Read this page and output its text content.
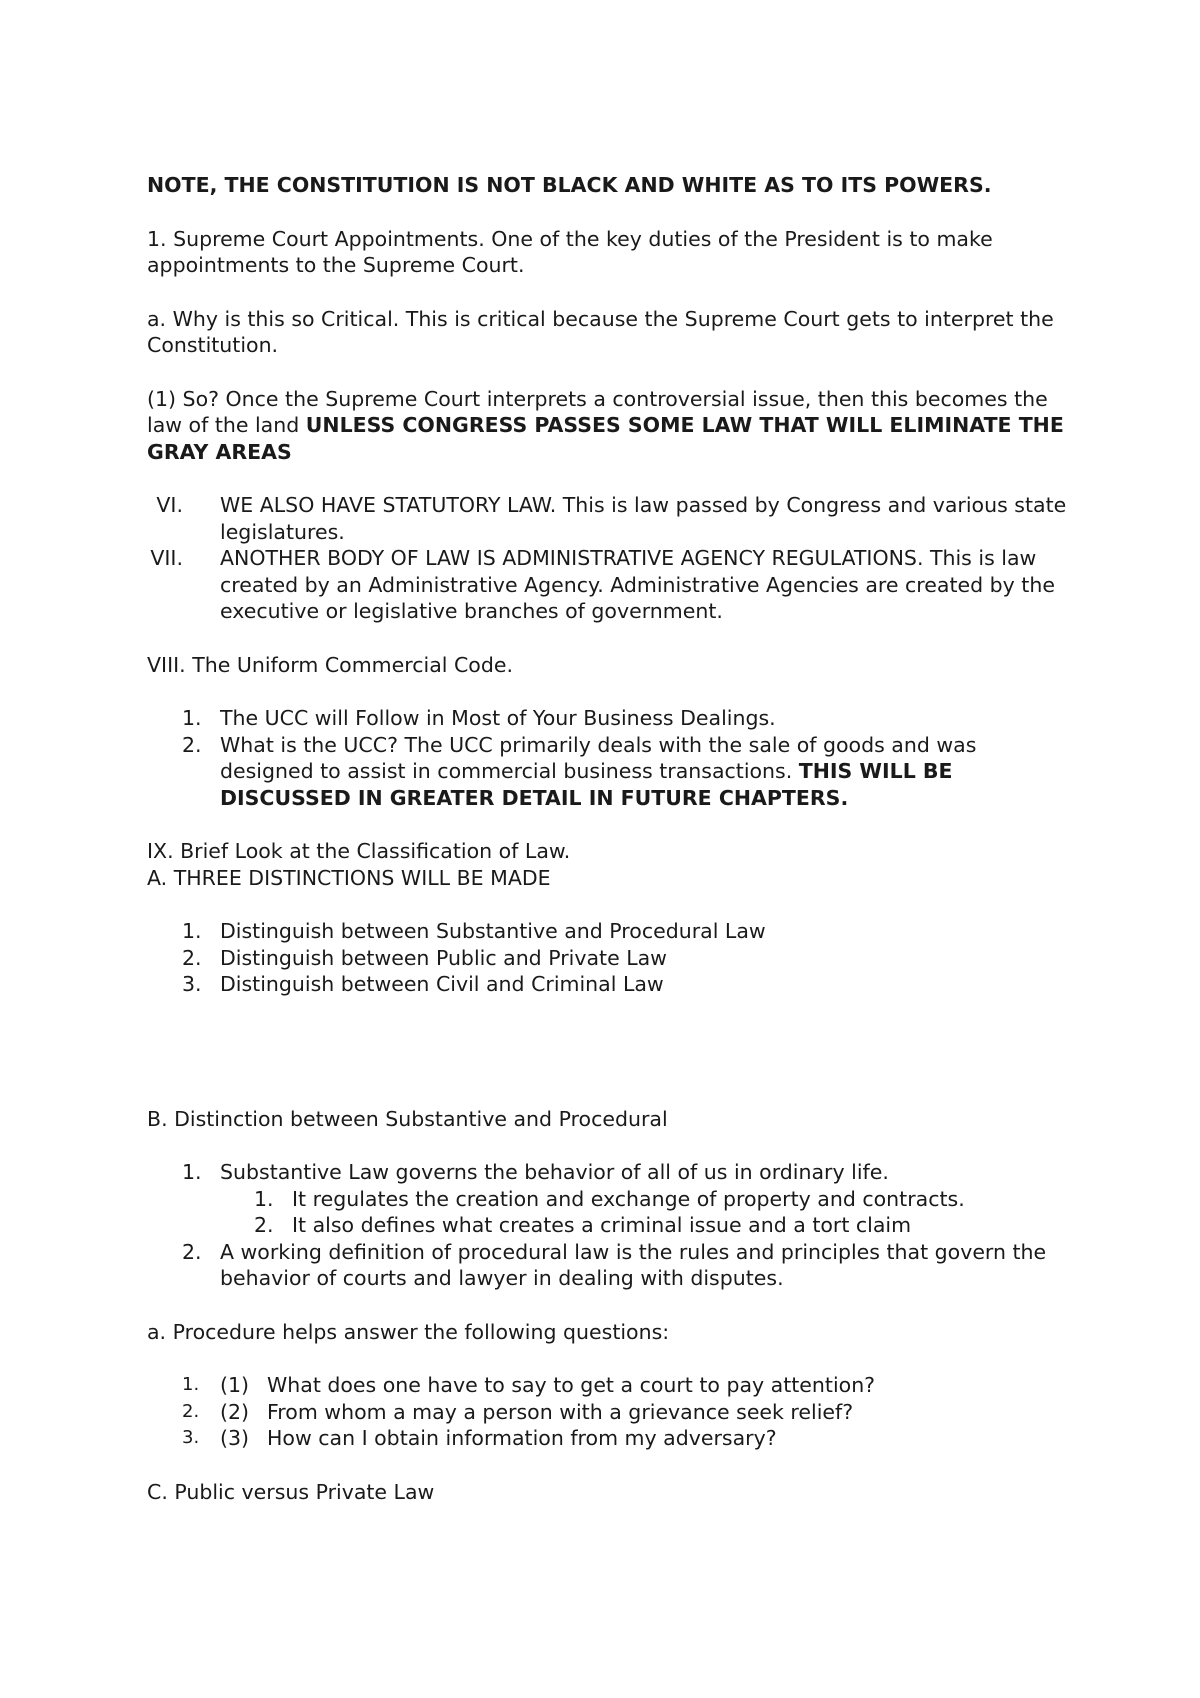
NOTE, THE CONSTITUTION IS NOT BLACK AND WHITE AS TO ITS POWERS.

1. Supreme Court Appointments. One of the key duties of the President is to make appointments to the Supreme Court.

a. Why is this so Critical. This is critical because the Supreme Court gets to interpret the Constitution.

(1) So? Once the Supreme Court interprets a controversial issue, then this becomes the law of the land UNLESS CONGRESS PASSES SOME LAW THAT WILL ELIMINATE THE GRAY AREAS

VI. WE ALSO HAVE STATUTORY LAW. This is law passed by Congress and various state legislatures.
VII. ANOTHER BODY OF LAW IS ADMINISTRATIVE AGENCY REGULATIONS. This is law created by an Administrative Agency. Administrative Agencies are created by the executive or legislative branches of government.

VIII. The Uniform Commercial Code.

1. The UCC will Follow in Most of Your Business Dealings.
2. What is the UCC? The UCC primarily deals with the sale of goods and was designed to assist in commercial business transactions. THIS WILL BE DISCUSSED IN GREATER DETAIL IN FUTURE CHAPTERS.

IX. Brief Look at the Classification of Law.

A. THREE DISTINCTIONS WILL BE MADE

1. Distinguish between Substantive and Procedural Law
2. Distinguish between Public and Private Law
3. Distinguish between Civil and Criminal Law

B. Distinction between Substantive and Procedural

1. Substantive Law governs the behavior of all of us in ordinary life.
1. It regulates the creation and exchange of property and contracts.
2. It also defines what creates a criminal issue and a tort claim
2. A working definition of procedural law is the rules and principles that govern the behavior of courts and lawyer in dealing with disputes.

a. Procedure helps answer the following questions:

1. (1) What does one have to say to get a court to pay attention?
2. (2) From whom a may a person with a grievance seek relief?
3. (3) How can I obtain information from my adversary?

C. Public versus Private Law
